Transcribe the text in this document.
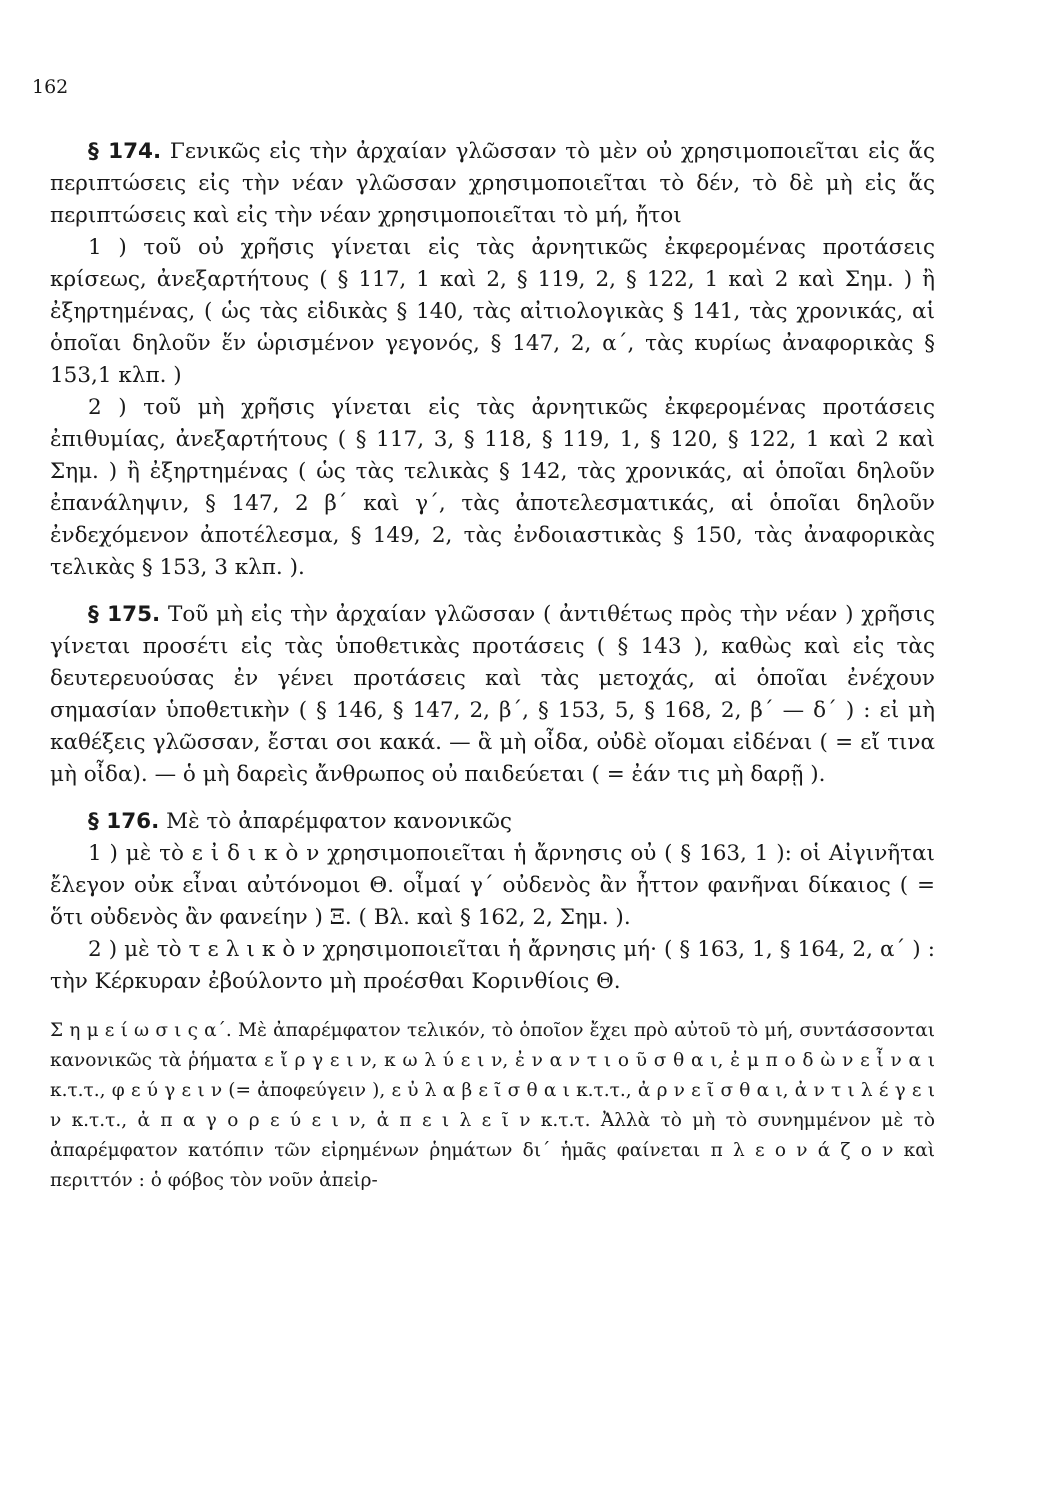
162

§ 174. Γενικῶς εἰς τὴν ἀρχαίαν γλῶσσαν τὸ μὲν οὐ χρησιμοποιεῖται εἰς ἅς περιπτώσεις εἰς τὴν νέαν γλῶσσαν χρησιμοποιεῖται τὸ δέν, τὸ δὲ μὴ εἰς ἅς περιπτώσεις καὶ εἰς τὴν νέαν χρησιμοποιεῖται τὸ μή, ἤτοι

1 ) τοῦ οὐ χρῆσις γίνεται εἰς τὰς ἀρνητικῶς ἐκφερομένας προτάσεις κρίσεως, ἀνεξαρτήτους ( § 117, 1 καὶ 2, § 119, 2, § 122, 1 καὶ 2 καὶ Σημ. ) ἢ ἐξηρτημένας, ( ὡς τὰς εἰδικὰς § 140, τὰς αἰτιολογικὰς § 141, τὰς χρονικάς, αἱ ὁποῖαι δηλοῦν ἕν ὡρισμένον γεγονός, § 147, 2, α΄, τὰς κυρίως ἀναφορικὰς § 153,1 κλπ. )

2 ) τοῦ μὴ χρῆσις γίνεται εἰς τὰς ἀρνητικῶς ἐκφερομένας προτάσεις ἐπιθυμίας, ἀνεξαρτήτους ( § 117, 3, § 118, § 119, 1, § 120, § 122, 1 καὶ 2 καὶ Σημ. ) ἢ ἐξηρτημένας ( ὡς τὰς τελικὰς § 142, τὰς χρονικάς, αἱ ὁποῖαι δηλοῦν ἐπανάληψιν, § 147, 2 β΄ καὶ γ΄, τὰς ἀποτελεσματικάς, αἱ ὁποῖαι δηλοῦν ἐνδεχόμενον ἀποτέλεσμα, § 149, 2, τὰς ἐνδοιαστικὰς § 150, τὰς ἀναφορικὰς τελικὰς § 153, 3 κλπ. ).

§ 175. Τοῦ μὴ εἰς τὴν ἀρχαίαν γλῶσσαν ( ἀντιθέτως πρὸς τὴν νέαν ) χρῆσις γίνεται προσέτι εἰς τὰς ὑποθετικὰς προτάσεις ( § 143 ), καθὼς καὶ εἰς τὰς δευτερευούσας ἐν γένει προτάσεις καὶ τὰς μετοχάς, αἱ ὁποῖαι ἐνέχουν σημασίαν ὑποθετικὴν ( § 146, § 147, 2, β΄, § 153, 5, § 168, 2, β΄ — δ΄ ) : εἰ μὴ καθέξεις γλῶσσαν, ἔσται σοι κακά. — ἃ μὴ οἶδα, οὐδὲ οἴομαι εἰδέναι ( = εἴ τινα μὴ οἶδα). — ὁ μὴ δαρεὶς ἄνθρωπος οὐ παιδεύεται ( = ἐάν τις μὴ δαρῇ ).

§ 176. Μὲ τὸ ἀπαρέμφατον κανονικῶς

1 ) μὲ τὸ ε ἰ δ ι κ ὸ ν χρησιμοποιεῖται ἡ ἄρνησις οὐ ( § 163, 1 ): οἱ Αἰγινῆται ἔλεγον οὐκ εἶναι αὐτόνομοι Θ. οἶμαί γ΄ οὐδενὸς ἂν ἦττον φανῆναι δίκαιος ( = ὅτι οὐδενὸς ἂν φανείην ) Ξ. ( Βλ. καὶ § 162, 2, Σημ. ).

2 ) μὲ τὸ τ ε λ ι κ ὸ ν χρησιμοποιεῖται ἡ ἄρνησις μή· ( § 163, 1, § 164, 2, α΄ ) : τὴν Κέρκυραν ἐβούλοντο μὴ προέσθαι Κορινθίοις Θ.

Σ η μ ε ί ω σ ι ς α΄. Μὲ ἀπαρέμφατον τελικόν, τὸ ὁποῖον ἔχει πρὸ αὐτοῦ τὸ μή, συντάσσονται κανονικῶς τὰ ῥήματα ε ἴ ρ γ ε ι ν, κ ω λ ύ ε ι ν, ἐ ν α ν τ ι ο ῦ σ θ α ι, ἐ μ π ο δ ὼ ν ε ἶ ν α ι κ.τ.τ., φ ε ύ γ ε ι ν (= ἀποφεύγειν ), ε ὐ λ α β ε ῖ σ θ α ι κ.τ.τ., ἀ ρ ν ε ῖ σ θ α ι, ἀ ν τ ι λ έ γ ε ι ν κ.τ.τ., ἀ π α γ ο ρ ε ύ ε ι ν, ἀ π ε ι λ ε ῖ ν κ.τ.τ. Ἀλλὰ τὸ μὴ τὸ συνημμένον μὲ τὸ ἀπαρέμφατον κατόπιν τῶν εἰρημένων ῥημάτων δι΄ ἡμᾶς φαίνεται π λ ε ο ν ά ζ ο ν καὶ περιττόν : ὁ φόβος τὸν νοῦν ἀπεἰρ-
